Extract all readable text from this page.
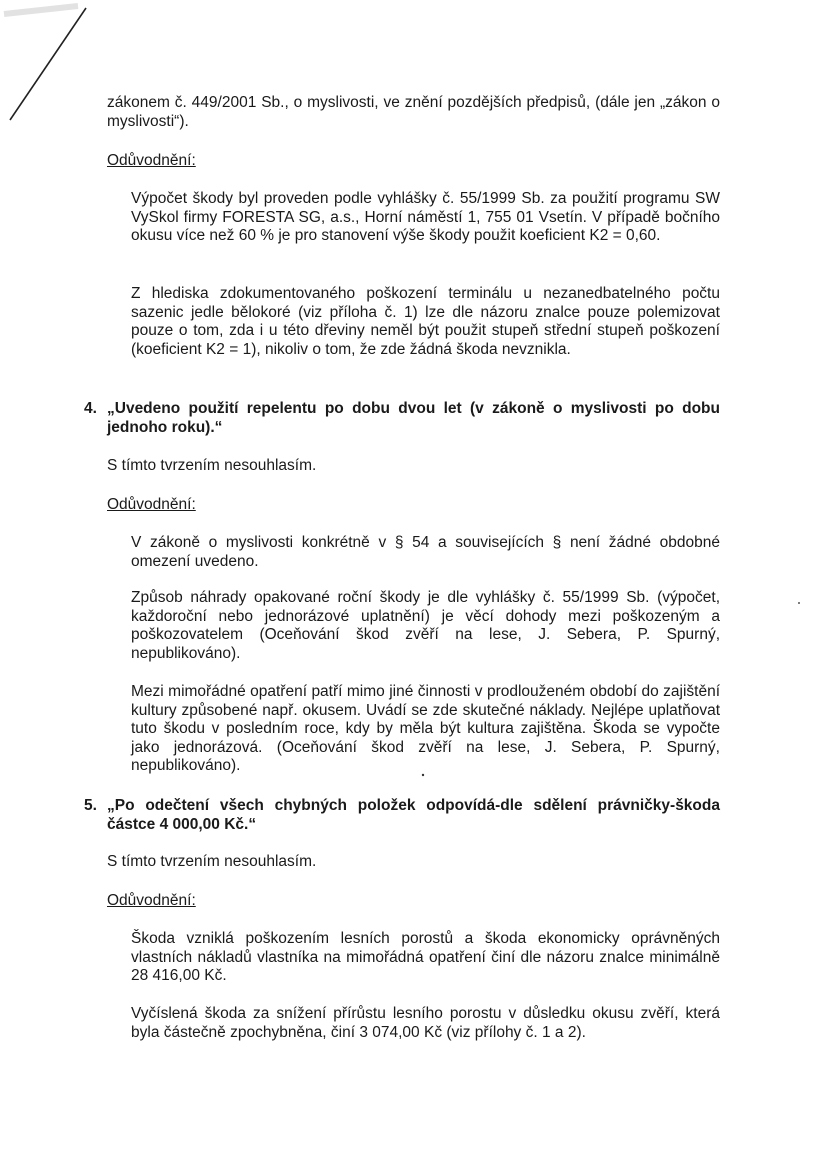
zákonem č. 449/2001 Sb., o myslivosti, ve znění pozdějších předpisů, (dále jen „zákon o myslivosti“).

Odůvodnění:

Výpočet škody byl proveden podle vyhlášky č. 55/1999 Sb. za použití programu SW VySkol firmy FORESTA SG, a.s., Horní náměstí 1, 755 01 Vsetín. V případě bočního okusu více než 60 % je pro stanovení výše škody použit koeficient K2 = 0,60.

Z hlediska zdokumentovaného poškození terminálu u nezanedbatelného počtu sazenic jedle bělokoré (viz příloha č. 1) lze dle názoru znalce pouze polemizovat pouze o tom, zda i u této dřeviny neměl být použit stupeň střední stupeň poškození (koeficient K2 = 1), nikoliv o tom, že zde žádná škoda nevznikla.

4. „Uvedeno použití repelentu po dobu dvou let (v zákoně o myslivosti po dobu jednoho roku).“

S tímto tvrzením nesouhlasím.

Odůvodnění:

V zákoně o myslivosti konkrétně v § 54 a souvisejících § není žádné obdobné omezení uvedeno.

Způsob náhrady opakované roční škody je dle vyhlášky č. 55/1999 Sb. (výpočet, každoroční nebo jednorázové uplatnění) je věcí dohody mezi poškozeným a poškozovatelem (Oceňování škod zvěří na lese, J. Sebera, P. Spurný, nepublikováno).

Mezi mimořádné opatření patří mimo jiné činnosti v prodlouženém období do zajištění kultury způsobené např. okusem. Uvádí se zde skutečné náklady. Nejlépe uplatňovat tuto škodu v posledním roce, kdy by měla být kultura zajištěna. Škoda se vypočte jako jednorázová. (Oceňování škod zvěří na lese, J. Sebera, P. Spurný, nepublikováno).

5. „Po odečtení všech chybných položek odpovídá-dle sdělení právničky-škoda částce 4 000,00 Kč.“

S tímto tvrzením nesouhlasím.

Odůvodnění:

Škoda vzniklá poškozením lesních porostů a škoda ekonomicky oprávněných vlastních nákladů vlastníka na mimořádná opatření činí dle názoru znalce minimálně 28 416,00 Kč.

Vyčíslená škoda za snížení přírůstu lesního porostu v důsledku okusu zvěří, která byla částečně zpochybněna, činí 3 074,00 Kč (viz přílohy č. 1 a 2).
